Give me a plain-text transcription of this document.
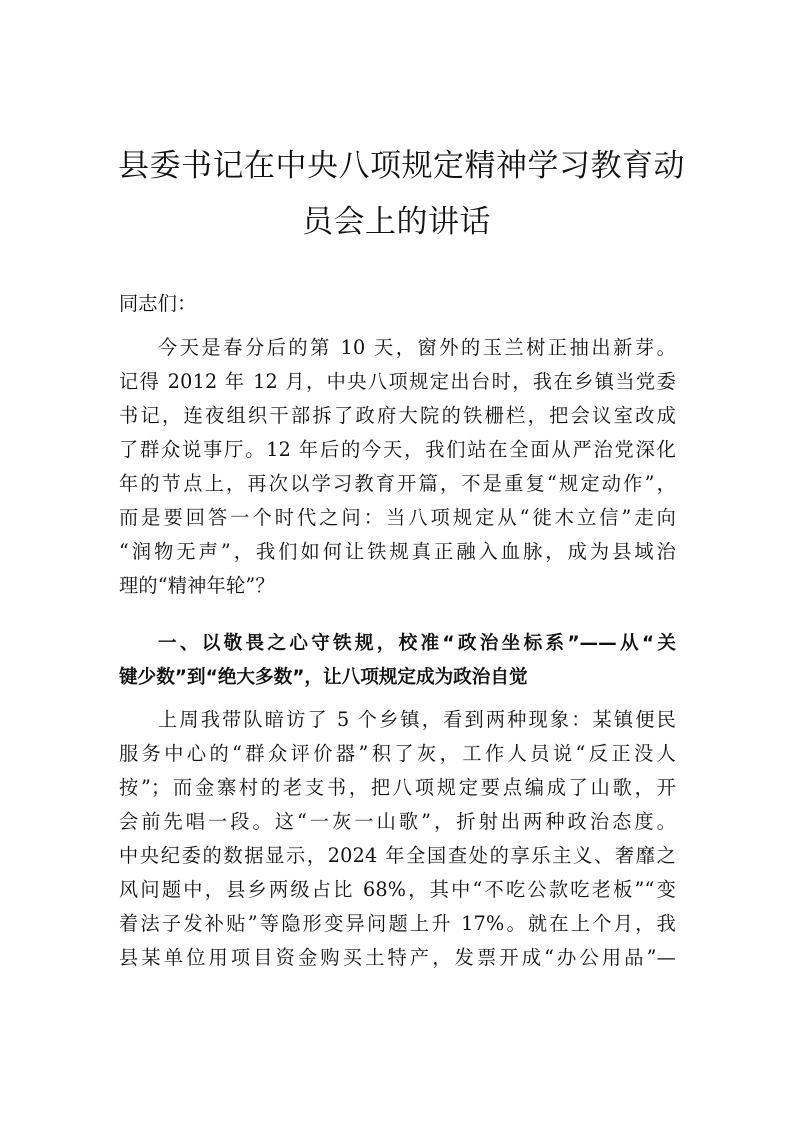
县委书记在中央八项规定精神学习教育动
员会上的讲话
同志们：
今天是春分后的第 10 天，窗外的玉兰树正抽出新芽。
记得 2012 年 12 月，中央八项规定出台时，我在乡镇当党委
书记，连夜组织干部拆了政府大院的铁栅栏，把会议室改成
了群众说事厅。12 年后的今天，我们站在全面从严治党深化
年的节点上，再次以学习教育开篇，不是重复“规定动作”，
而是要回答一个时代之问：当八项规定从“徙木立信”走向
“润物无声”，我们如何让铁规真正融入血脉，成为县域治
理的“精神年轮”？
一、以敬畏之心守铁规，校准“政治坐标系”——从“关
键少数”到“绝大多数”，让八项规定成为政治自觉
上周我带队暗访了 5 个乡镇，看到两种现象：某镇便民
服务中心的“群众评价器”积了灰，工作人员说“反正没人
按”；而金寨村的老支书，把八项规定要点编成了山歌，开
会前先唱一段。这“一灰一山歌”，折射出两种政治态度。
中央纪委的数据显示，2024 年全国查处的享乐主义、奢靡之
风问题中，县乡两级占比 68%，其中“不吃公款吃老板”“变
着法子发补贴”等隐形变异问题上升 17%。就在上个月，我
县某单位用项目资金购买土特产，发票开成“办公用品”—
